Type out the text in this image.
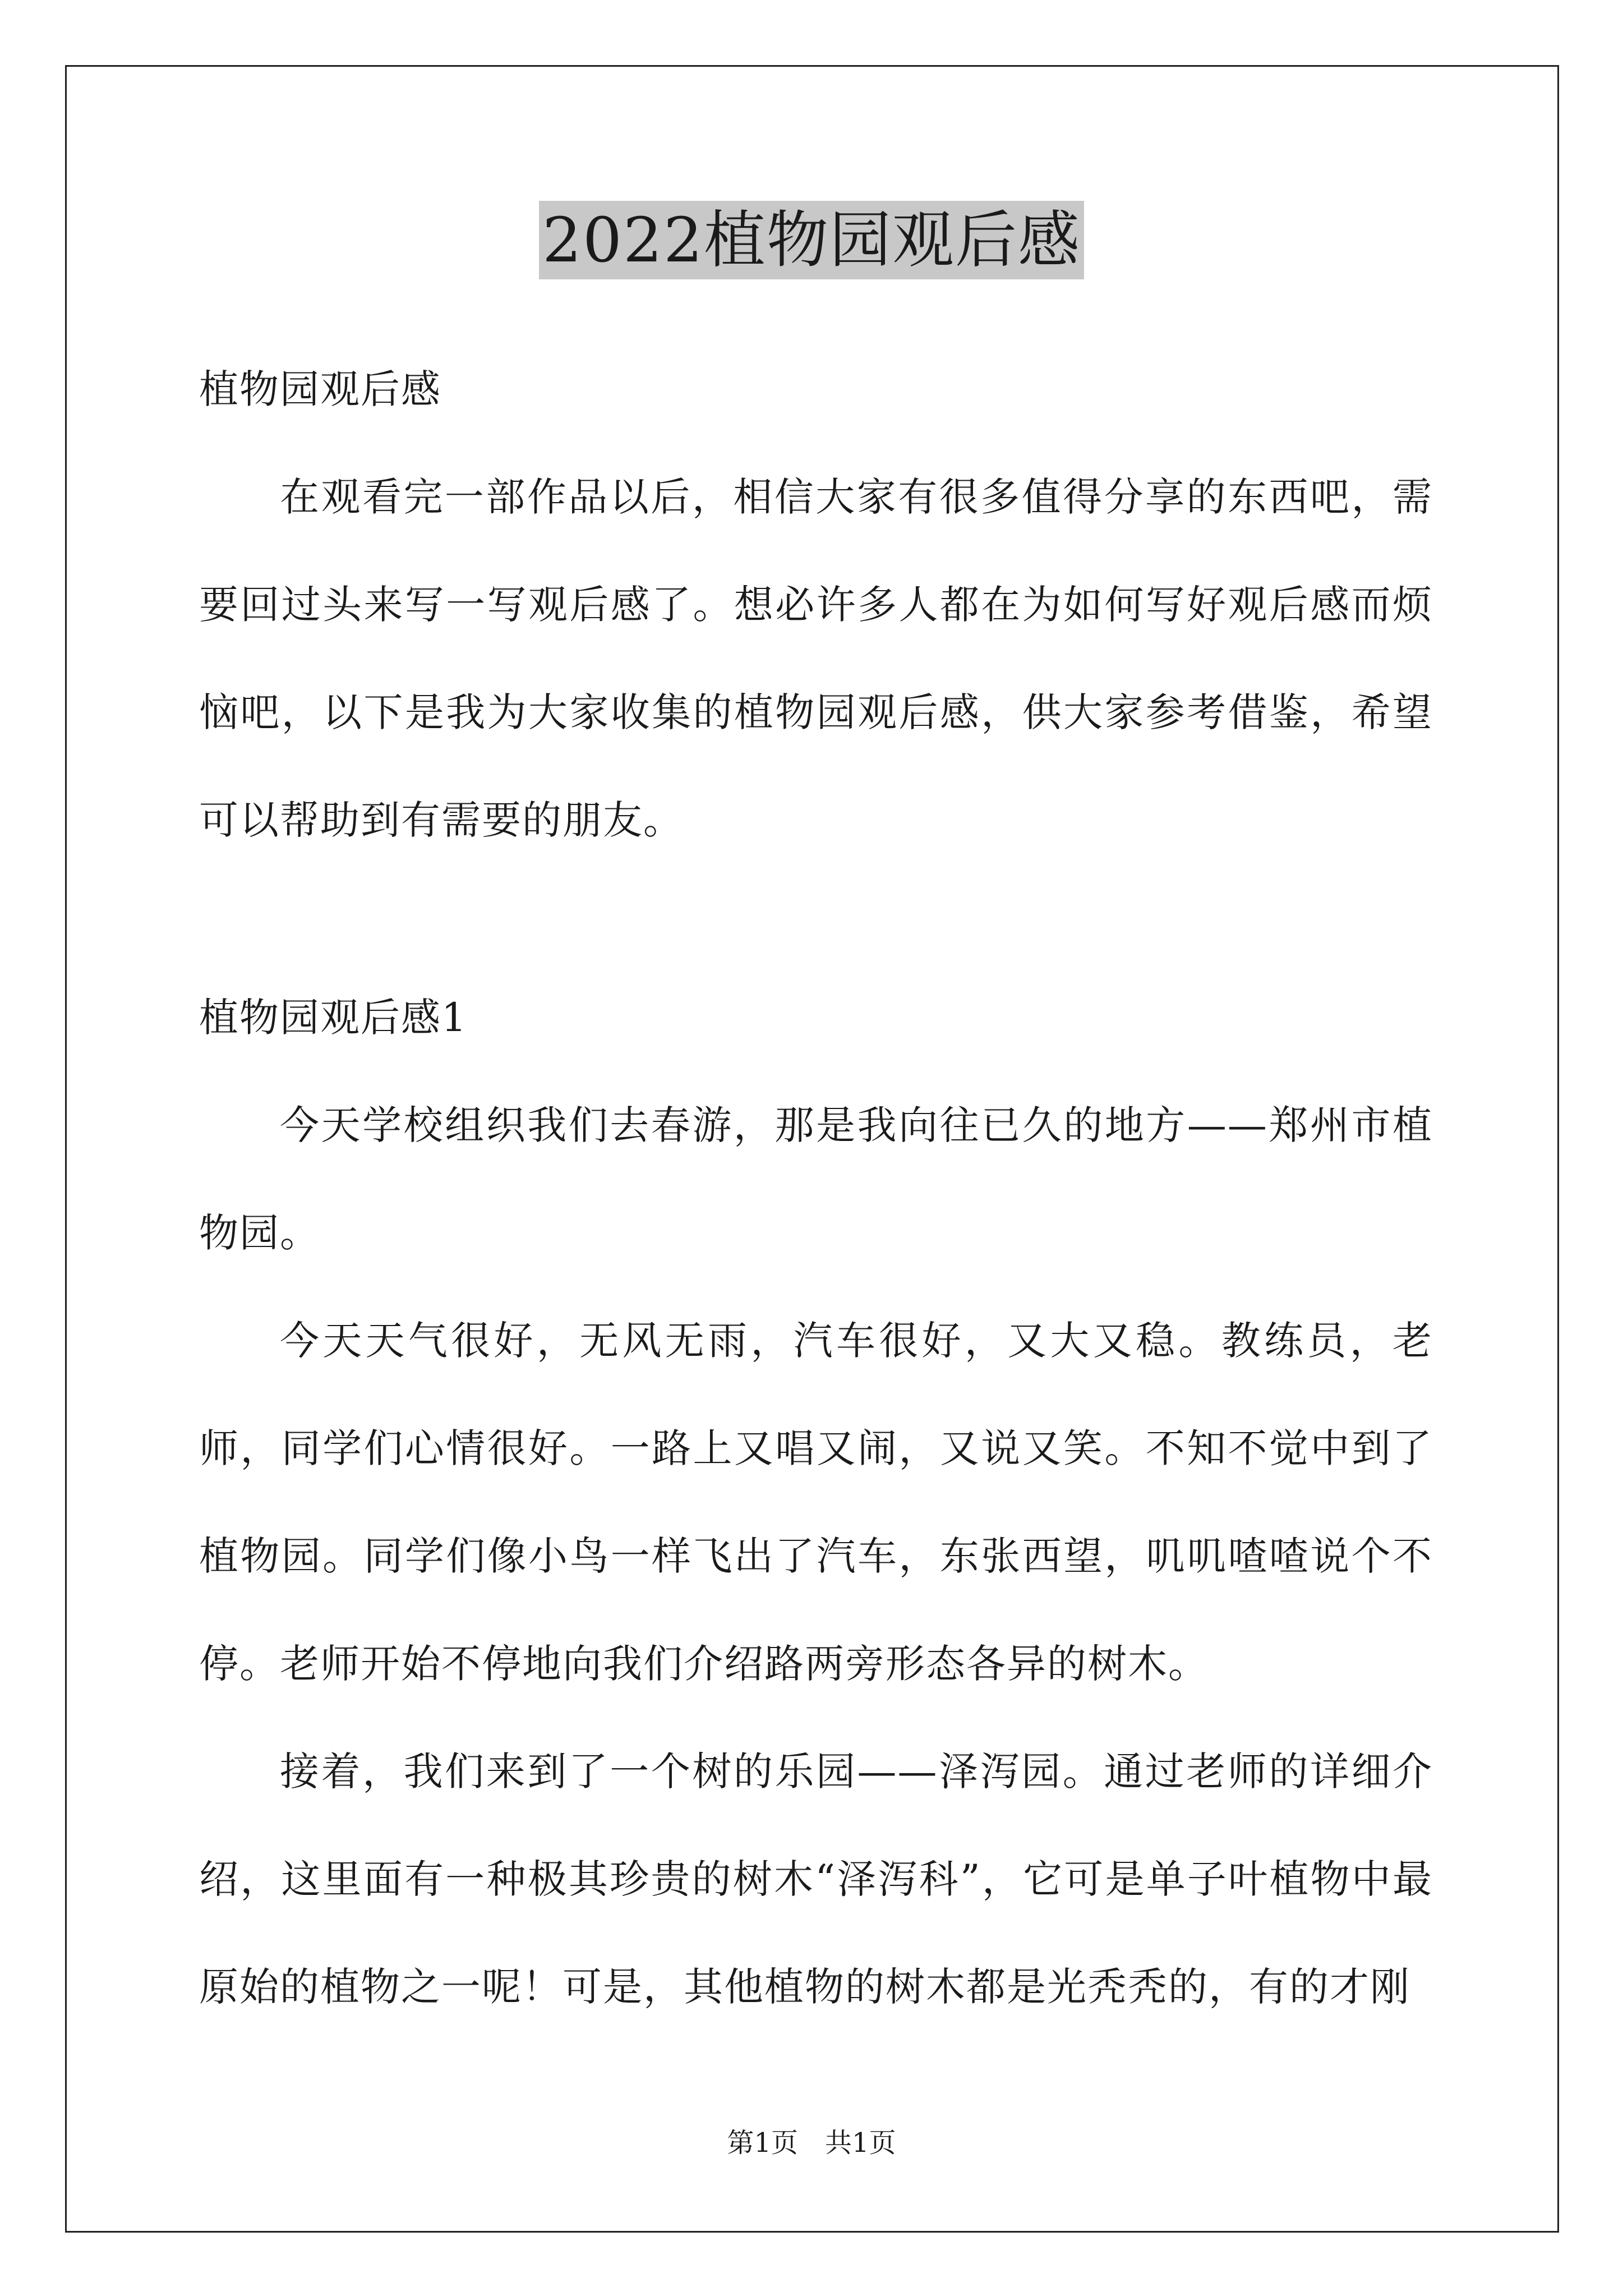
2022植物园观后感

植物园观后感

在观看完一部作品以后，相信大家有很多值得分享的东西吧，需要回过头来写一写观后感了。想必许多人都在为如何写好观后感而烦恼吧，以下是我为大家收集的植物园观后感，供大家参考借鉴，希望可以帮助到有需要的朋友。

植物园观后感1

今天学校组织我们去春游，那是我向往已久的地方——郑州市植物园。

今天天气很好，无风无雨，汽车很好，又大又稳。教练员，老师，同学们心情很好。一路上又唱又闹，又说又笑。不知不觉中到了植物园。同学们像小鸟一样飞出了汽车，东张西望，叽叽喳喳说个不停。老师开始不停地向我们介绍路两旁形态各异的树木。

接着，我们来到了一个树的乐园——泽泻园。通过老师的详细介绍，这里面有一种极其珍贵的树木“泽泻科”，它可是单子叶植物中最原始的植物之一呢！可是，其他植物的树木都是光秃秃的，有的才刚

第1页　共1页
